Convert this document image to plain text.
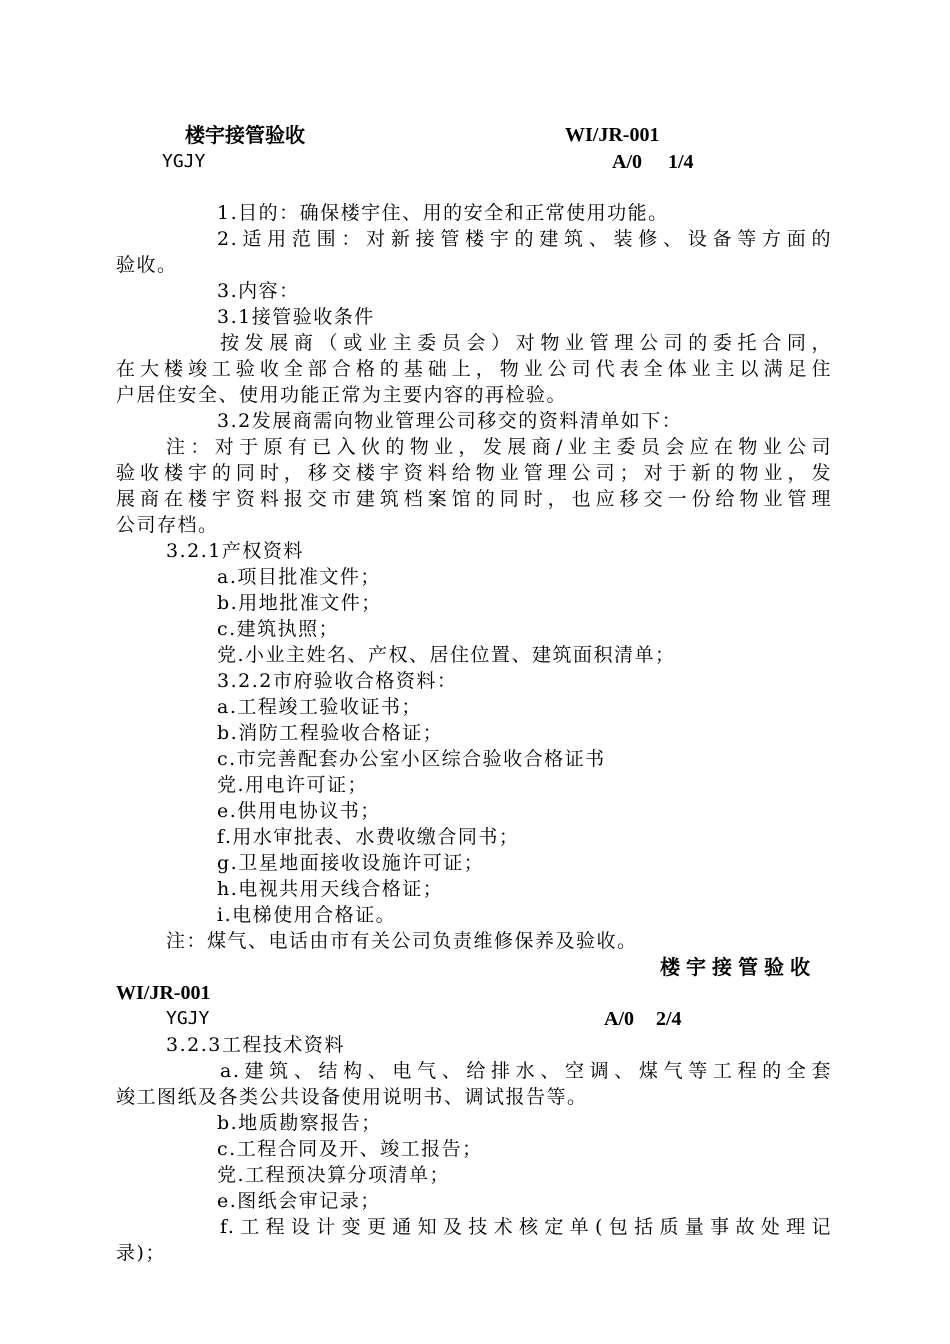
楼宇接管验收	WI/JR-001
YGJY	A/0 1/4
1.目的：确保楼宇住、用的安全和正常使用功能。
2.适用范围：对新接管楼宇的建筑、装修、设备等方面的
验收。
3.内容：
3.1接管验收条件
按发展商（或业主委员会）对物业管理公司的委托合同，
在大楼竣工验收全部合格的基础上，物业公司代表全体业主以满足住
户居住安全、使用功能正常为主要内容的再检验。
3.2发展商需向物业管理公司移交的资料清单如下：
注：对于原有已入伙的物业，发展商/业主委员会应在物业公司
验收楼宇的同时，移交楼宇资料给物业管理公司；对于新的物业，发
展商在楼宇资料报交市建筑档案馆的同时，也应移交一份给物业管理
公司存档。
3.2.1产权资料
a.项目批准文件；
b.用地批准文件；
c.建筑执照；
党.小业主姓名、产权、居住位置、建筑面积清单；
3.2.2市府验收合格资料：
a.工程竣工验收证书；
b.消防工程验收合格证；
c.市完善配套办公室小区综合验收合格证书
党.用电许可证；
e.供用电协议书；
f.用水审批表、水费收缴合同书；
g.卫星地面接收设施许可证；
h.电视共用天线合格证；
i.电梯使用合格证。
注：煤气、电话由市有关公司负责维修保养及验收。
楼宇接管验收
WI/JR-001
YGJY	A/0 2/4
3.2.3工程技术资料
a.建筑、结构、电气、给排水、空调、煤气等工程的全套
竣工图纸及各类公共设备使用说明书、调试报告等。
b.地质勘察报告；
c.工程合同及开、竣工报告；
党.工程预决算分项清单；
e.图纸会审记录；
f.工程设计变更通知及技术核定单(包括质量事故处理记
录)；
